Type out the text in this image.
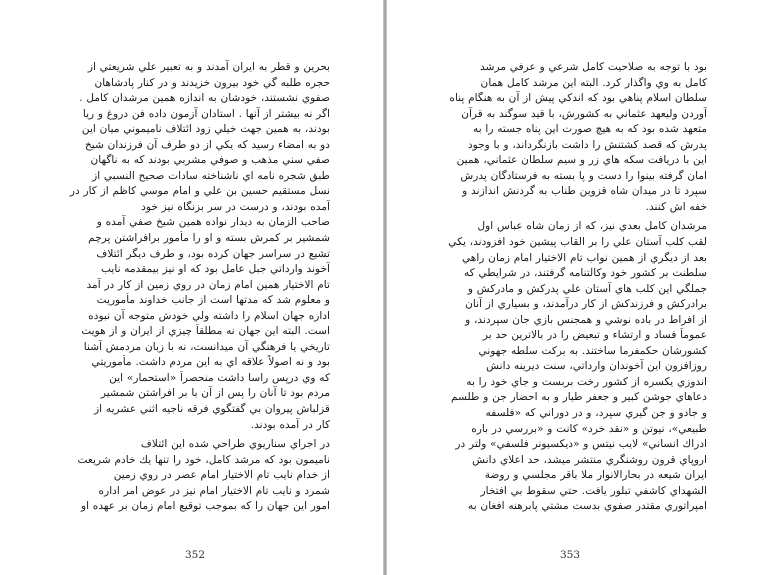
بحرين و قطر به ايران آمدند و به تعبير علي شريعتي از
حجره طلبه گي خود بيرون خزيدند و در كنار پادشاهان
صفوي نشستند، خودشان به اندازه همين مرشدان كامل .
اگر نه بيشتر از آنها . استادان آزمون داده فن دروغ و ريا
بودند، به همين جهت خيلي زود ائتلاف ناميموني ميان اين
دو به امضاء رسيد كه يكي از دو طرف آن فرزندان شيخ
صفي سني مذهب و صوفي مشربي بودند كه به ناگهان
طبق شجره نامه اي ناشناخته سادات صحيح النسبي از
نسل مستقيم حسين بن علي و امام موسي كاظم از كار در
آمده بودند، و درست در سر بزنگاه نيز خود
صاحب الزمان به ديدار نواده همين شيخ صفي آمده و
شمشير بر كمرش بسته و او را مأمور برافراشتن پرچم
تشيع در سراسر جهان كرده بود، و طرف ديگر ائتلاف
آخوند وارداتي جبل عامل بود كه او نيز بيمقدمه نايب
تام الاختيار همين امام زمان در روي زمين از كار در آمد
و معلوم شد كه مدتها است از جانب خداوند مأموريت
اداره جهان اسلام را داشته ولي خودش متوجه آن نبوده
است. البته اين جهان نه مطلقاً چيزي از ايران و از هويت
تاريخي يا فرهنگي آن ميدانست، نه با زبان مردمش آشنا
بود و نه اصولاً علاقه اي به اين مردم داشت. مأموريتي
كه وي درپس راسا داشت منحصراً «استحمار» اين
مردم بود تا آنان را پس از آن با بر افراشتن شمشير
قزلباش پيروان بي گفتگوي فرقه ناجيه اثني عشريه از
كار در آمده بودند.
در اجراي سناريوي طراحي شده اين ائتلاف
ناميمون بود كه مرشد كامل، خود را تنها يك خادم شريعت
از خدام نايب تام الاختيار امام عصر در روي زمين
شمرد و نايب تام الاختيار امام نيز در عوض امر اداره
امور اين جهان را كه بموجب توقيع امام زمان بر عهده او
352
بود با توجه به صلاحيت كامل شرعي و عرفي مرشد
كامل به وي واگذار كرد. البته اين مرشد كامل همان
سلطان اسلام پناهي بود كه اندكي پيش از آن به هنگام پناه
آوردن وليعهد عثماني به كشورش، با قيد سوگند به قرآن
متعهد شده بود كه به هيچ صورت اين پناه جسته را به
پدرش كه قصد كشتنش را داشت بازنگرداند، و با وجود
اين با دريافت سكه هاي زر و سيم سلطان عثماني، همين
امان گرفته بينوا را دست و پا بسته به فرستادگان پدرش
سپرد تا در ميدان شاه قزوين طناب به گردنش اندازند و
خفه اش كنند.
مرشدان كامل بعدي نيز، كه از زمان شاه عباس اول
لقب كلب آستان علي را بر القاب پيشين خود افزودند، يكي
بعد از ديگري از همين نواب تام الاختيار امام زمان راهي
سلطنت بر كشور خود وكالتنامه گرفتند، در شرايطي كه
جملگي اين كلب هاي آستان علي پدركش و مادركش و
برادركش و فرزندكش از كار درآمدند، و بسياري از آنان
از افراط در باده نوشي و همجنس بازي جان سپردند، و
عموماً فساد و ارتشاء و تبعيض را در بالاترين حد بر
كشورشان حكمفرما ساختند. به بركت سلطه جهوني
روزافزون اين آخوندان وارداتي، سنت ديرينه دانش
اندوزي يكسره از كشور رخت بربست و جاي خود را به
دعاهاي جوشن كبير و جعفر طيار و به احضار جن و طلسم
و جادو و جن گيري سپرد، و در دوراني كه «فلسفه
طبيعي»، نيوتن و «نقد خرد» كانت و «بررسي در باره
ادراك انساني» لايب نيتس و «ديكسيونر فلسفي» ولتر در
اروپاي قرون روشنگري منتشر ميشد، حد اعلاي دانش
ايران شيعه در بحارالانوار ملا باقر مجلسي و روضة
الشهداي كاشفي تبلور يافت. حتي سقوط بي افتخار
امپراتوري مقتدر صفوي بدست مشتي پابرهنه افغان به
353
